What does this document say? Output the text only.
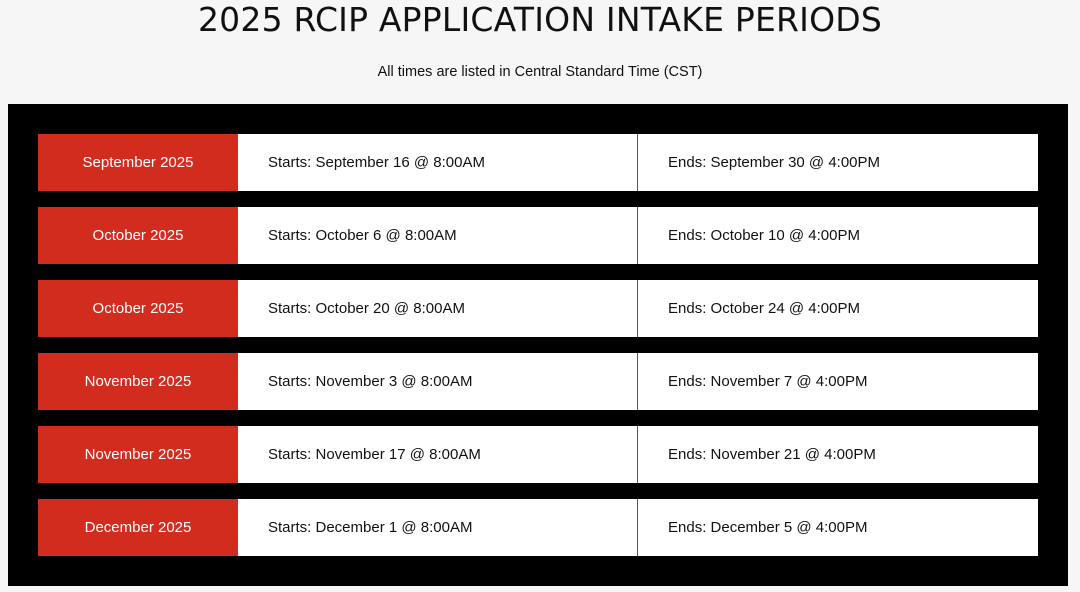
2025 RCIP APPLICATION INTAKE PERIODS
All times are listed in Central Standard Time (CST)
September 2025	Starts: September 16 @ 8:00AM	Ends: September 30 @ 4:00PM
October 2025	Starts: October 6 @ 8:00AM	Ends: October 10 @ 4:00PM
October 2025	Starts: October 20 @ 8:00AM	Ends: October 24 @ 4:00PM
November 2025	Starts: November 3 @ 8:00AM	Ends: November 7 @ 4:00PM
November 2025	Starts: November 17 @ 8:00AM	Ends: November 21 @ 4:00PM
December 2025	Starts: December 1 @ 8:00AM	Ends: December 5 @ 4:00PM
